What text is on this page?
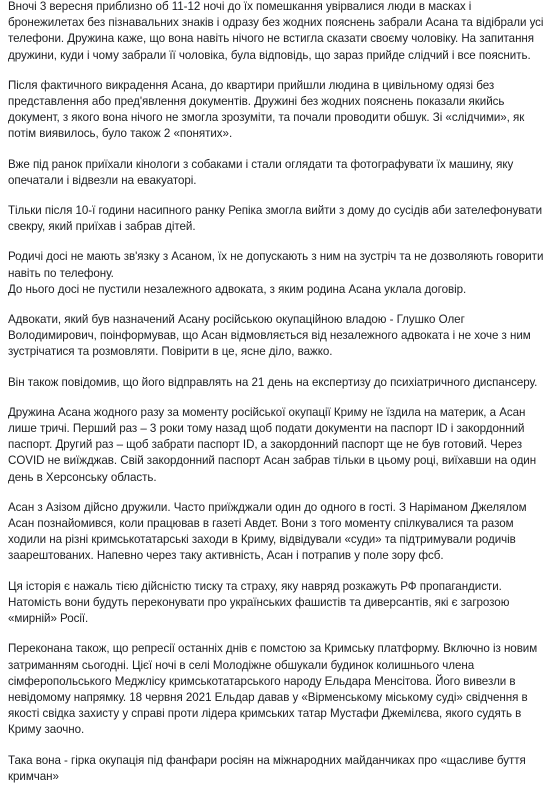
Вночі 3 вересня приблизно об 11-12 ночі до їх помешкання увірвалися люди в масках і бронежилетах без пізнавальних знаків і одразу без жодних пояснень забрали Асана та відібрали усі телефони. Дружина каже, що вона навіть нічого не встигла сказати своєму чоловіку. На запитання дружини, куди і чому забрали її чоловіка, була відповідь, що зараз прийде слідчий і все пояснить.
Після фактичного викрадення Асана, до квартири прийшли людина в цивільному одязі без представлення або пред'явлення документів. Дружині без жодних пояснень показали якийсь документ, з якого вона нічого не змогла зрозуміти, та почали проводити обшук. Зі «слідчими», як потім виявилось, було також 2 «понятих».
Вже під ранок приїхали кінологи з собаками і стали оглядати та фотографувати їх машину, яку опечатали і відвезли на евакуаторі.
Тільки після 10-ї години насипного ранку Репіка змогла вийти з дому до сусідів аби зателефонувати свекру, який приїхав і забрав дітей.
Родичі досі не мають зв'язку з Асаном, їх не допускають з ним на зустріч та не дозволяють говорити навіть по телефону.
До нього досі не пустили незалежного адвоката, з яким родина Асана уклала договір.
Адвокати, який був назначений Асану російською окупаційною владою - Глушко Олег Володимирович, поінформував, що Асан відмовляється від незалежного адвоката і не хоче з ним зустрічатися та розмовляти. Повірити в це, ясне діло, важко.
Він також повідомив, що його відправлять на 21 день на експертизу до психіатричного диспансеру.
Дружина Асана жодного разу за моменту російської окупації Криму не їздила на материк, а Асан лише тричі. Перший раз – 3 роки тому назад щоб подати документи на паспорт ID і закордонний паспорт. Другий раз – щоб забрати паспорт ID, а закордонний паспорт ще не був готовий. Через COVID не виїжджав. Свій закордонний паспорт Асан забрав тільки в цьому році, виїхавши на один день в Херсонську область.
Асан з Азізом дійсно дружили. Часто приїжджали один до одного в гості. З Наріманом Джелялом Асан познайомився, коли працював в газеті Авдет. Вони з того моменту спілкувалися та разом ходили на різні кримськотатарські заходи в Криму, відвідували «суди» та підтримували родичів заарештованих. Напевно через таку активність, Асан і потрапив у поле зору фсб.
Ця історія є нажаль тією дійсністю тиску та страху, яку навряд розкажуть РФ пропагандисти. Натомість вони будуть переконувати про українських фашистів та диверсантів, які є загрозою «мирній» Росії.
Переконана також, що репресії останніх днів є помстою за Кримську платформу. Включно із новим затриманням сьогодні. Цієї ночі в селі Молодіжне обшукали будинок колишнього члена сімферопольського Меджлісу кримськотатарського народу Ельдара Менсітова. Його вивезли в невідомому напрямку. 18 червня 2021 Ельдар давав у «Вірменському міському суді» свідчення в якості свідка захисту у справі проти лідера кримських татар Мустафи Джемілєва, якого судять в Криму заочно.
Така вона - гірка окупація під фанфари росіян на міжнародних майданчиках про «щасливе буття кримчан»
